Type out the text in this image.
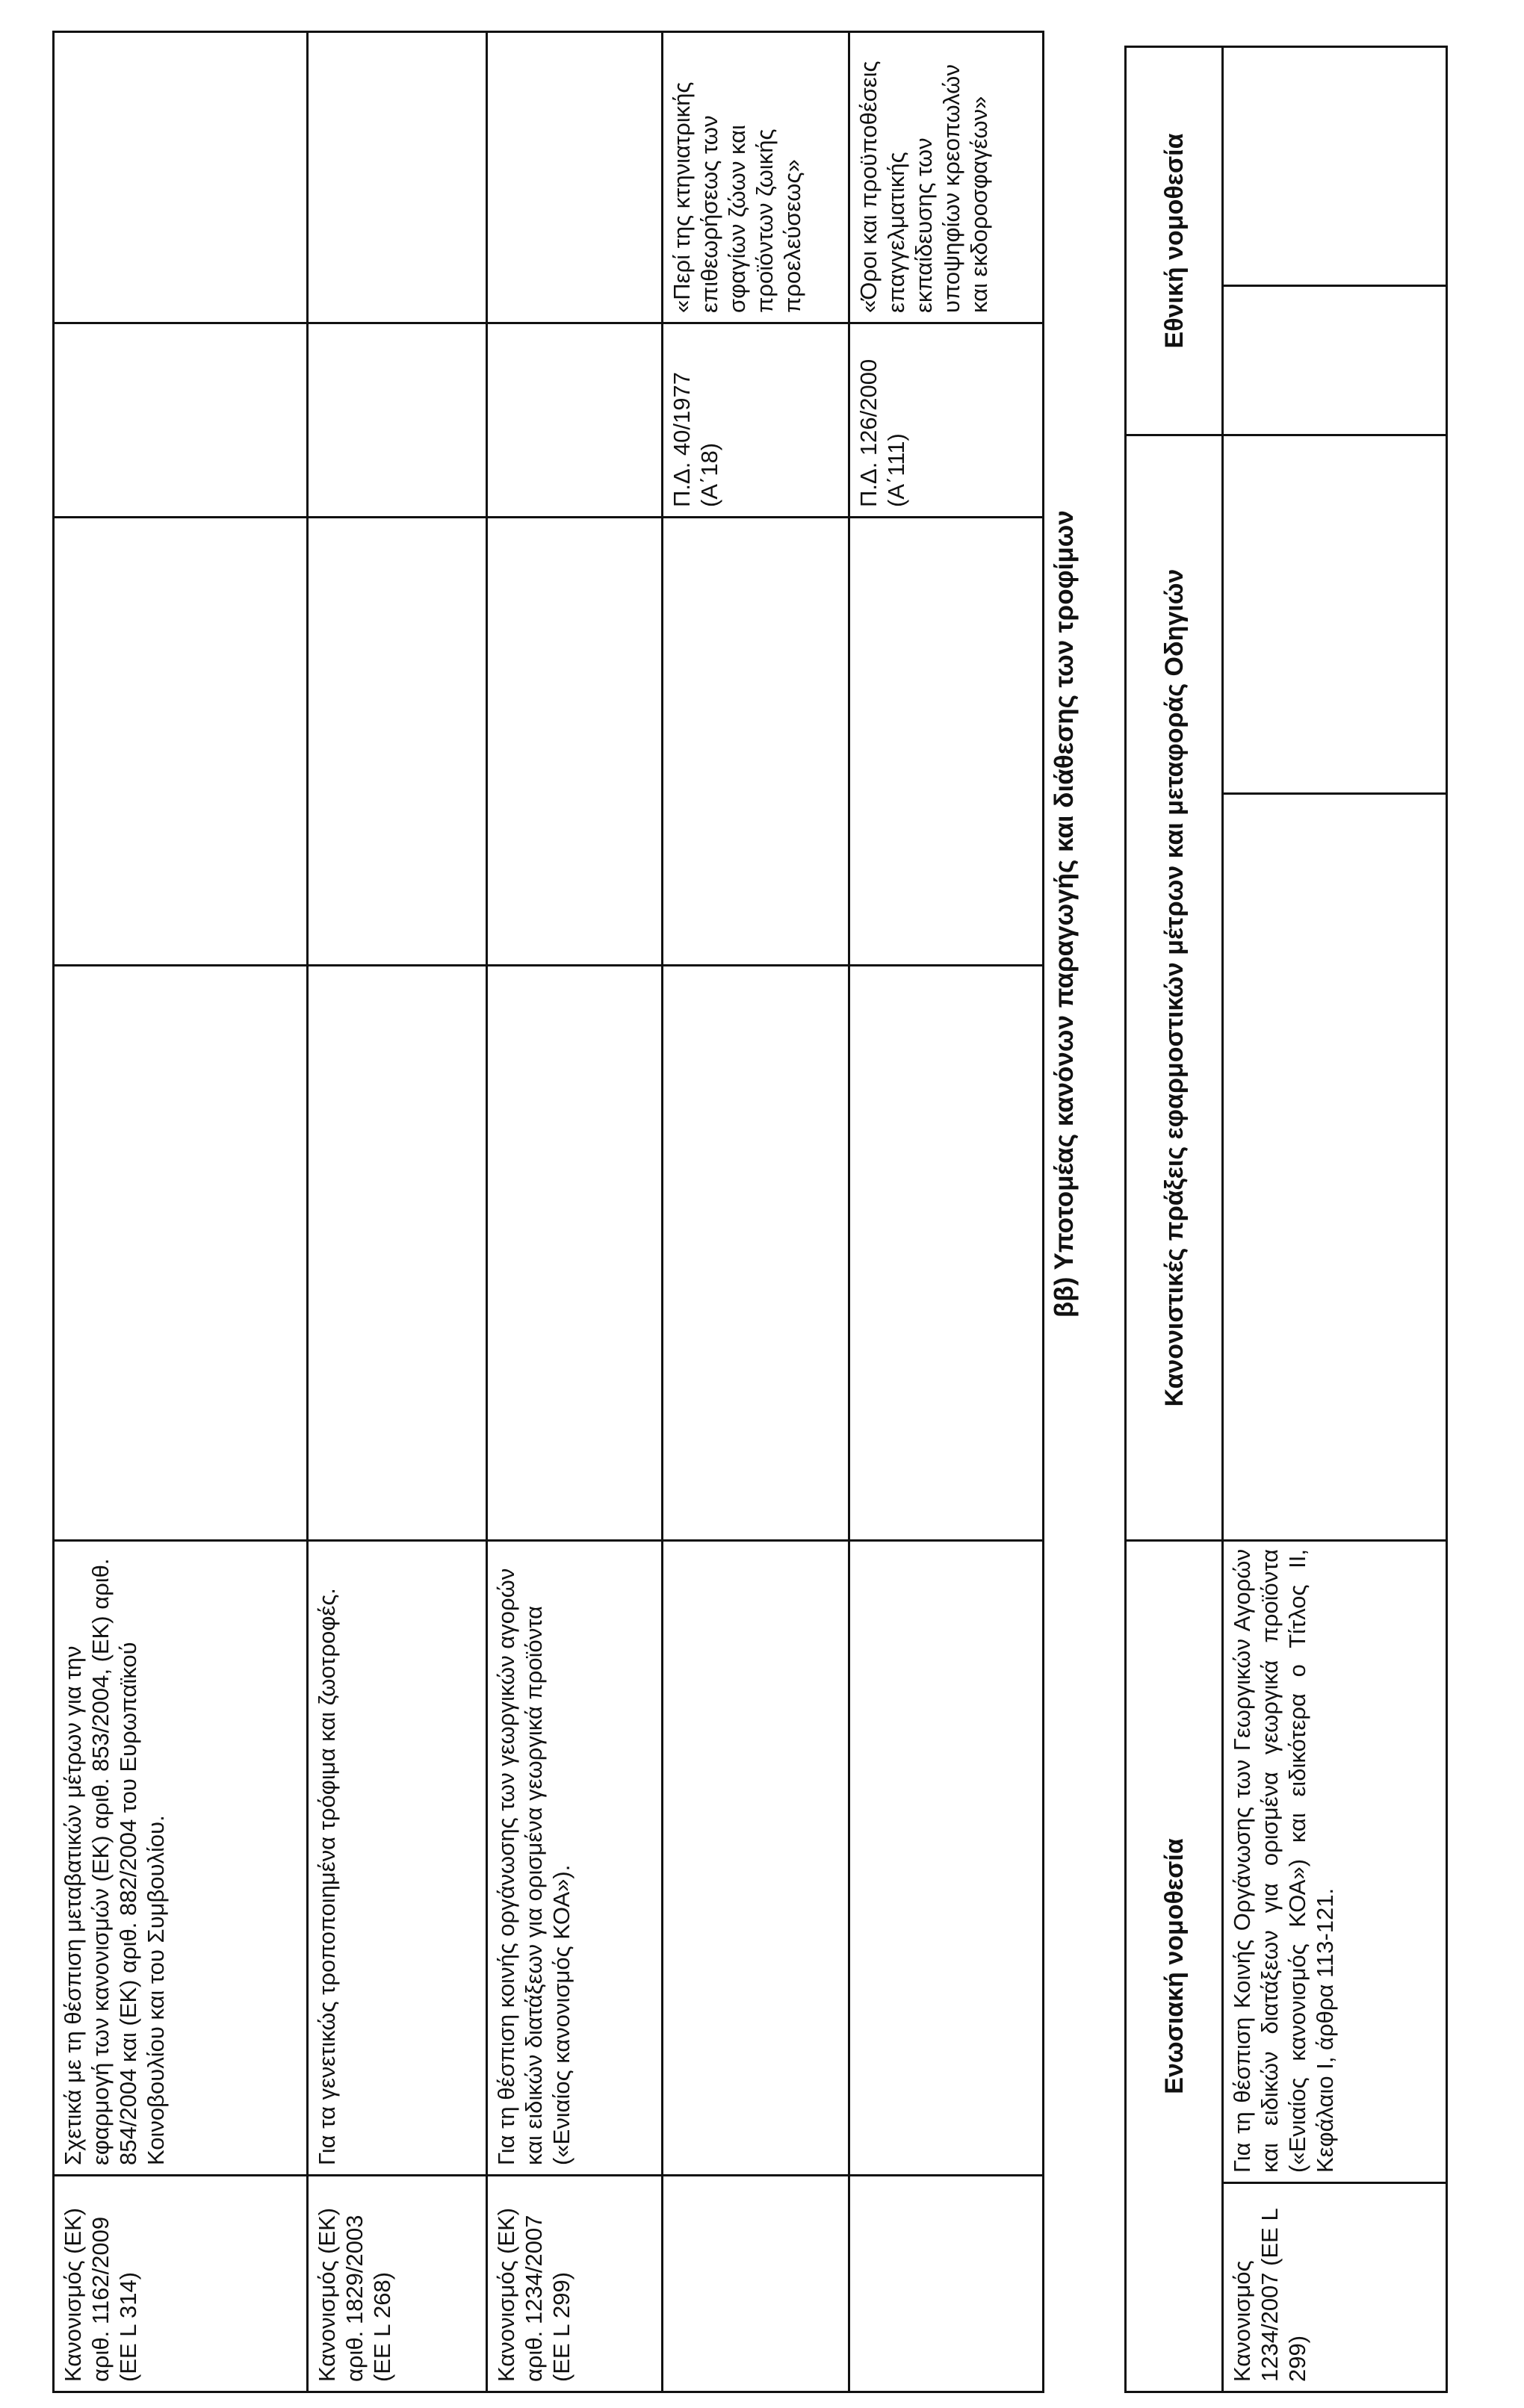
Κανονισμός (ΕΚ) αριθ. 1162/2009 (ΕΕ L 314)	Σχετικά με τη θέσπιση μεταβατικών μέτρων για την εφαρμογή των κανονισμών (ΕΚ) αριθ. 853/2004, (ΕΚ) αριθ. 854/2004 και (ΕΚ) αριθ. 882/2004 του Ευρωπαϊκού Κοινοβουλίου και του Συμβουλίου.				
Κανονισμός (ΕΚ) αριθ. 1829/2003 (ΕΕ L 268)	Για τα γενετικώς τροποποιημένα τρόφιμα και ζωοτροφές.				
Κανονισμός (ΕΚ) αριθ. 1234/2007 (ΕΕ L 299)	Για τη θέσπιση κοινής οργάνωσης των γεωργικών αγορών και ειδικών διατάξεων για ορισμένα γεωργικά προϊόντα («Ενιαίος κανονισμός ΚΟΑ»).				
				Π.Δ. 40/1977 (Α΄18)	«Περί της κτηνιατρικής επιθεωρήσεως των σφαγίων ζώων και προϊόντων ζωικής προελεύσεως»
				Π.Δ. 126/2000 (Α΄111)	«Όροι και προϋποθέσεις επαγγελματικής εκπαίδευσης των υποψηφίων κρεοπωλών και εκδοροσφαγέων»
ββ) Υποτομέας κανόνων παραγωγής και διάθεσης των τροφίμων
Ενωσιακή νομοθεσία		Κανονιστικές πράξεις εφαρμοστικών μέτρων και μεταφοράς Οδηγιών		Εθνική νομοθεσία	
Κανονισμός 1234/2007 (ΕΕ L 299)	Για τη θέσπιση Κοινής Οργάνωσης των Γεωργικών Αγορών και ειδικών διατάξεων για ορισμένα γεωργικά προϊόντα («Ενιαίος κανονισμός ΚΟΑ») και ειδικότερα ο Τίτλος ΙΙ, Κεφάλαιο Ι, άρθρα 113-121.				
